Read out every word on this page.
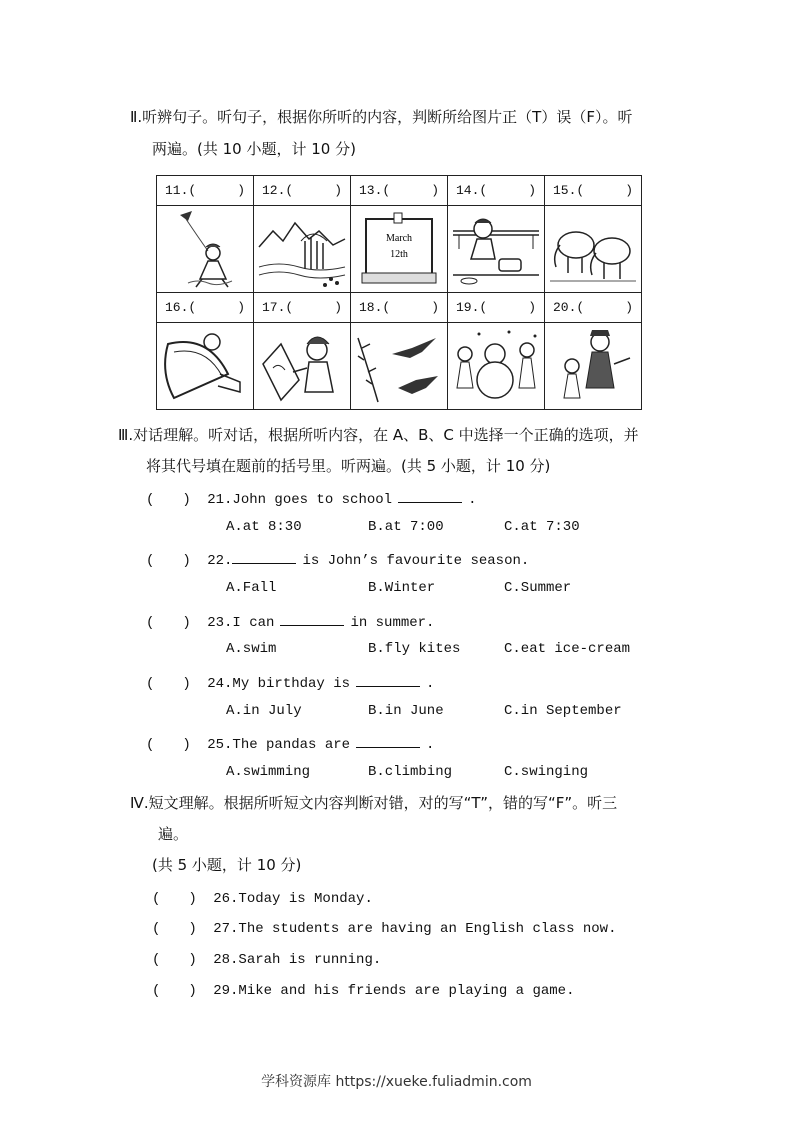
Ⅱ.听辨句子。听句子，根据你所听的内容，判断所给图片正（T）误（F）。听
两遍。(共 10 小题，计 10 分)
11.( )	12.( )	13.( )	14.( )	15.( )

March
12th

16.( )	17.( )	18.( )	19.( )	20.( )

Ⅲ.对话理解。听对话，根据所听内容，在 A、B、C 中选择一个正确的选项，并
将其代号填在题前的括号里。听两遍。(共 5 小题，计 10 分)
(　　) 21.John goes to school	.
A.at 8:30	B.at 7:00	C.at 7:30
(　　) 22.	is John’s favourite season.
A.Fall	B.Winter	C.Summer
(　　) 23.I can	in summer.
A.swim	B.fly kites	C.eat ice-cream
(　　) 24.My birthday is	.
A.in July	B.in June	C.in September
(　　) 25.The pandas are	.
A.swimming	B.climbing	C.swinging
Ⅳ.短文理解。根据所听短文内容判断对错，对的写“T”，错的写“F”。听三
遍。
(共 5 小题，计 10 分)
(　　) 26.Today is Monday.
(　　) 27.The students are having an English class now.
(　　) 28.Sarah is running.
(　　) 29.Mike and his friends are playing a game.
学科资源库 https://xueke.fuliadmin.com
